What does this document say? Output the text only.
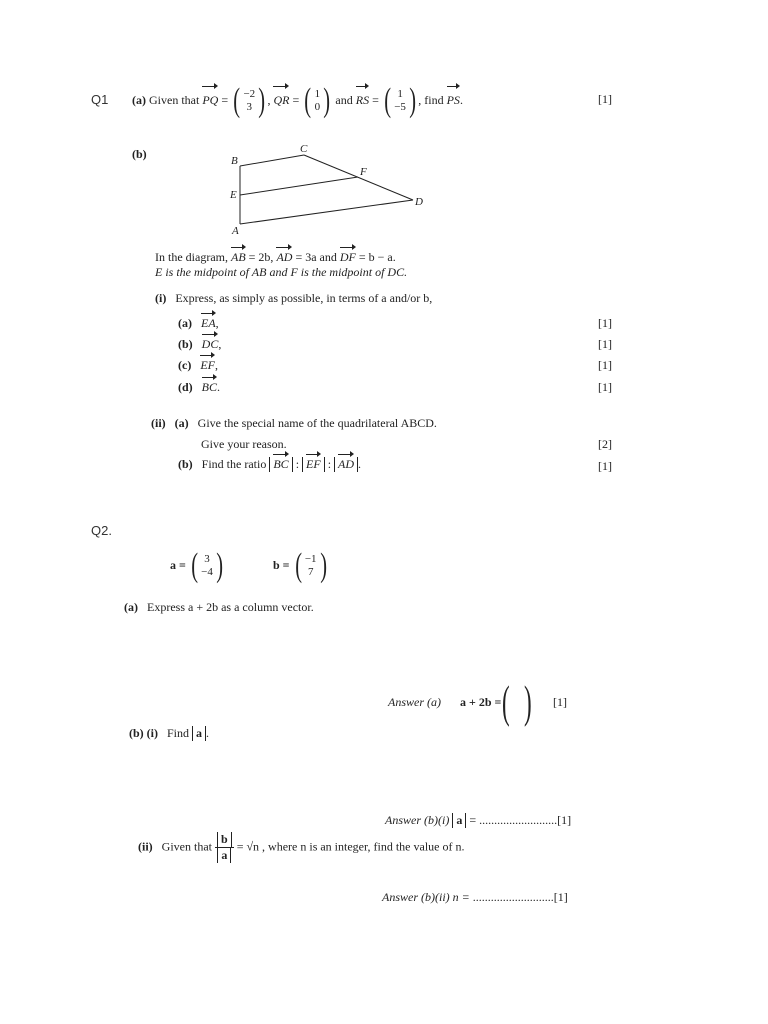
Q1 (a) Given that PQ = ( −2
3 ) , QR = ( 1
0 ) and RS = ( 1
−5 ) , find PS.	[1]
(b)	B
C
E
F
D
A
In the diagram, AB = 2b, AD = 3a and DF = b − a.
E is the midpoint of AB and F is the midpoint of DC.
(i) Express, as simply as possible, in terms of a and/or b,
(a) EA,	[1]
(b) DC,	[1]
(c) EF,	[1]
(d) BC.	[1]
(ii) (a) Give the special name of the quadrilateral ABCD.
Give your reason.	[2]
(b) Find the ratio BC : EF : AD .	[1]
Q2.
a = ( 3
−4 )	b = ( −1
7 )
(a) Express a + 2b as a column vector.
Answer (a) a + 2b = ( ) [1]
(b) (i) Find a .
Answer (b)(i) a = ..........................[1]
(ii) Given that $\frac{b}{a} = √n$ , where n is an integer, find the value of n.
Answer (b)(ii) n = ...........................[1]
